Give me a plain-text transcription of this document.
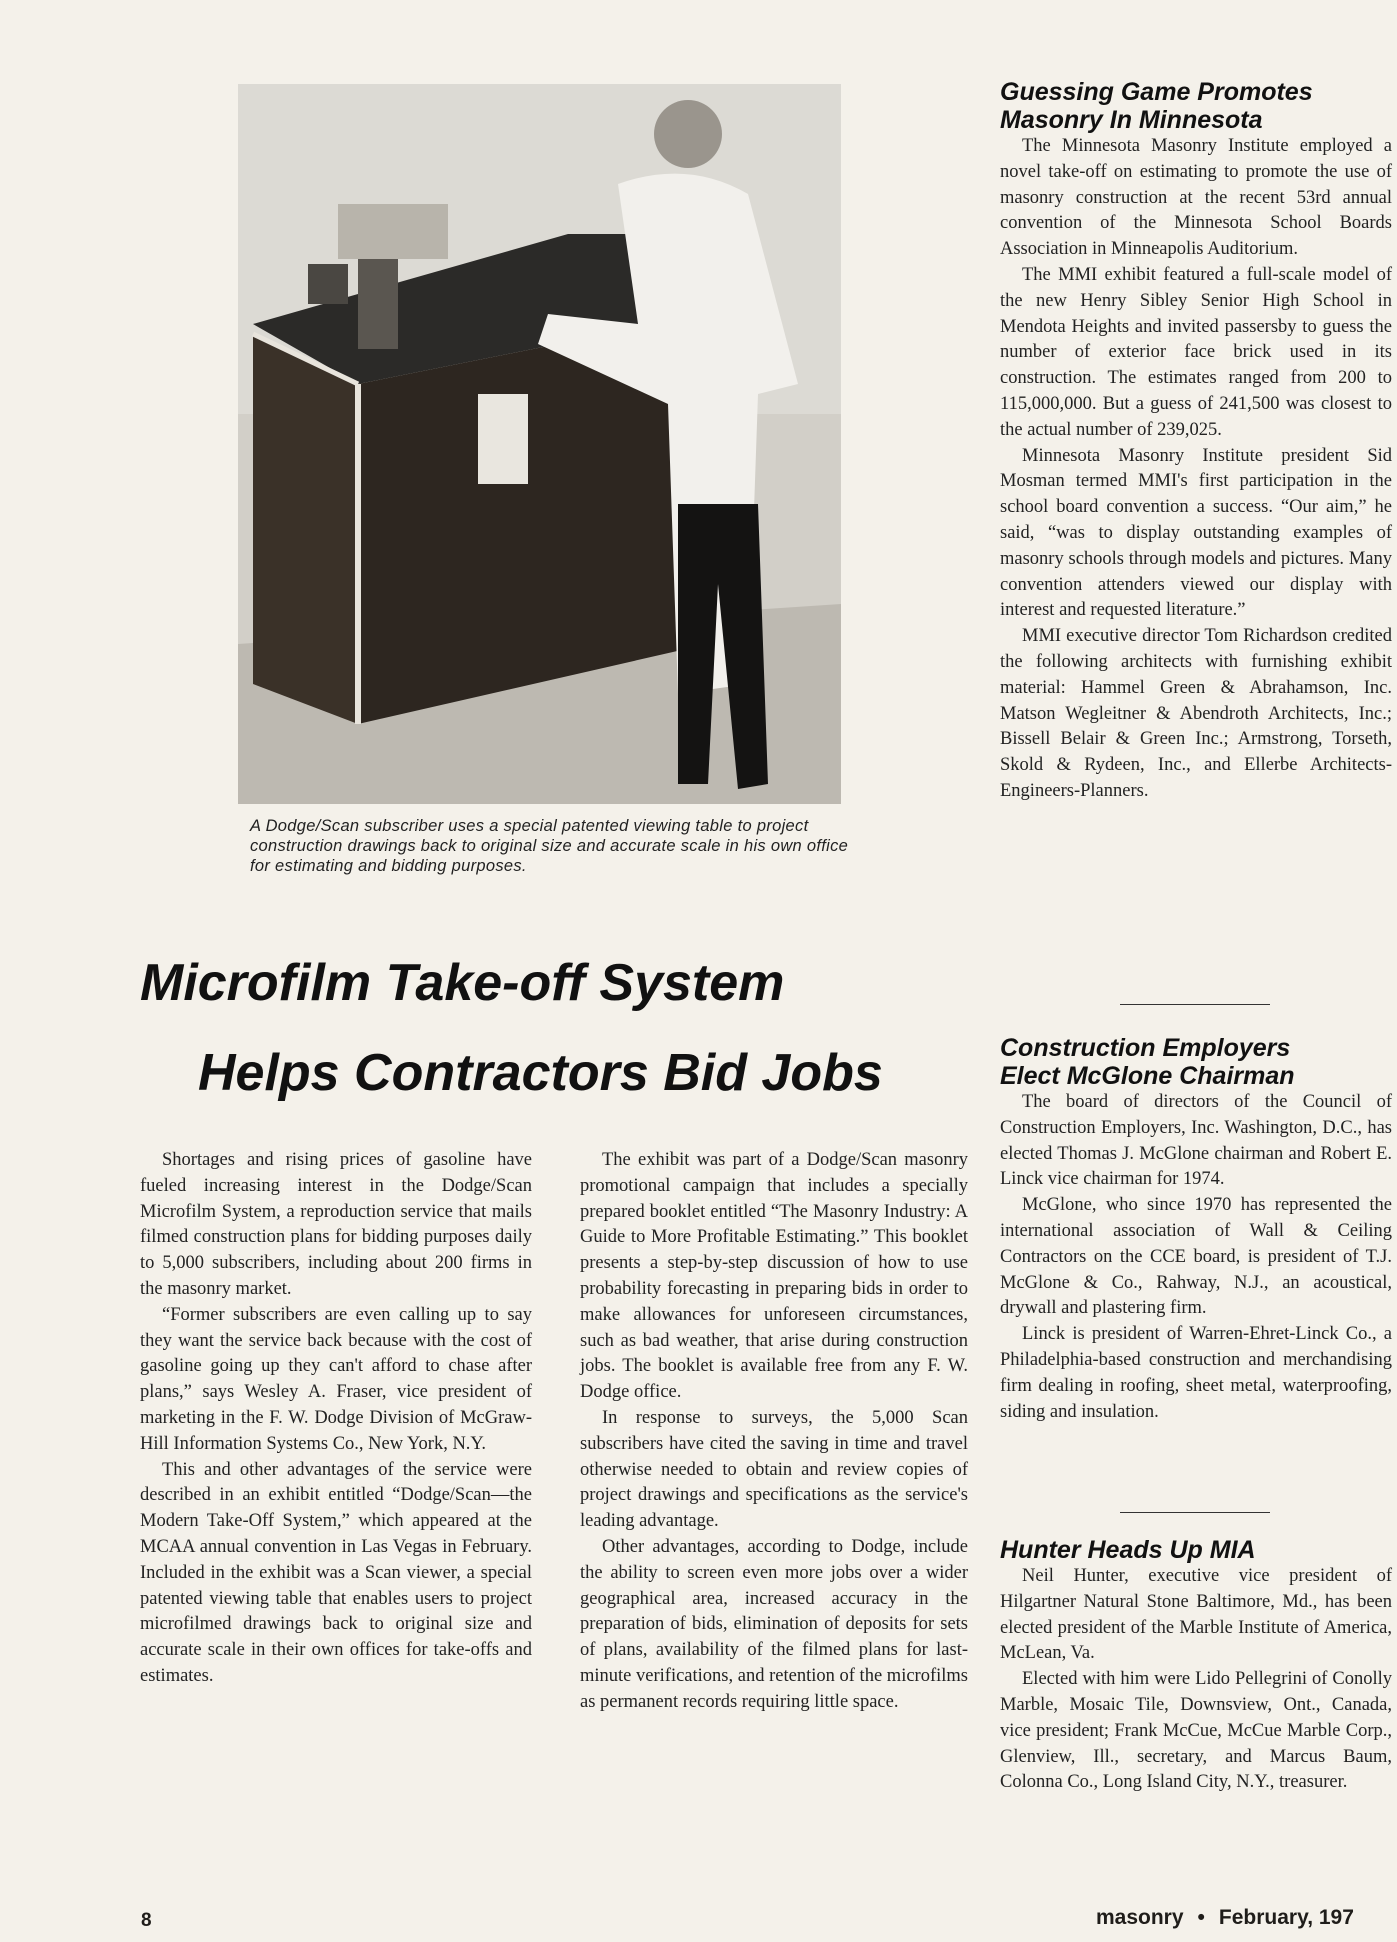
A Dodge/Scan subscriber uses a special patented viewing table to project construction drawings back to original size and accurate scale in his own office for estimating and bidding purposes.
Microfilm Take-off System
Helps Contractors Bid Jobs

Shortages and rising prices of gasoline have fueled increasing interest in the Dodge/Scan Microfilm System, a reproduction service that mails filmed construction plans for bidding purposes daily to 5,000 subscribers, including about 200 firms in the masonry market.

“Former subscribers are even calling up to say they want the service back because with the cost of gasoline going up they can't afford to chase after plans,” says Wesley A. Fraser, vice president of marketing in the F. W. Dodge Division of McGraw-Hill Information Systems Co., New York, N.Y.

This and other advantages of the service were described in an exhibit entitled “Dodge/Scan—the Modern Take-Off System,” which appeared at the MCAA annual convention in Las Vegas in February. Included in the exhibit was a Scan viewer, a special patented viewing table that enables users to project microfilmed drawings back to original size and accurate scale in their own offices for take-offs and estimates.

The exhibit was part of a Dodge/Scan masonry promotional campaign that includes a specially prepared booklet entitled “The Masonry Industry: A Guide to More Profitable Estimating.” This booklet presents a step-by-step discussion of how to use probability forecasting in preparing bids in order to make allowances for unforeseen circumstances, such as bad weather, that arise during construction jobs. The booklet is available free from any F. W. Dodge office.

In response to surveys, the 5,000 Scan subscribers have cited the saving in time and travel otherwise needed to obtain and review copies of project drawings and specifications as the service's leading advantage.

Other advantages, according to Dodge, include the ability to screen even more jobs over a wider geographical area, increased accuracy in the preparation of bids, elimination of deposits for sets of plans, availability of the filmed plans for last-minute verifications, and retention of the microfilms as permanent records requiring little space.

Guessing Game Promotes
Masonry In Minnesota

The Minnesota Masonry Institute employed a novel take-off on estimating to promote the use of masonry construction at the recent 53rd annual convention of the Minnesota School Boards Association in Minneapolis Auditorium.

The MMI exhibit featured a full-scale model of the new Henry Sibley Senior High School in Mendota Heights and invited passersby to guess the number of exterior face brick used in its construction. The estimates ranged from 200 to 115,000,000. But a guess of 241,500 was closest to the actual number of 239,025.

Minnesota Masonry Institute president Sid Mosman termed MMI's first participation in the school board convention a success. “Our aim,” he said, “was to display outstanding examples of masonry schools through models and pictures. Many convention attenders viewed our display with interest and requested literature.”

MMI executive director Tom Richardson credited the following architects with furnishing exhibit material: Hammel Green & Abrahamson, Inc. Matson Wegleitner & Abendroth Architects, Inc.; Bissell Belair & Green Inc.; Armstrong, Torseth, Skold & Rydeen, Inc., and Ellerbe Architects-Engineers-Planners.

Construction Employers
Elect McGlone Chairman

The board of directors of the Council of Construction Employers, Inc. Washington, D.C., has elected Thomas J. McGlone chairman and Robert E. Linck vice chairman for 1974.

McGlone, who since 1970 has represented the international association of Wall & Ceiling Contractors on the CCE board, is president of T.J. McGlone & Co., Rahway, N.J., an acoustical, drywall and plastering firm.

Linck is president of Warren-Ehret-Linck Co., a Philadelphia-based construction and merchandising firm dealing in roofing, sheet metal, waterproofing, siding and insulation.

Hunter Heads Up MIA

Neil Hunter, executive vice president of Hilgartner Natural Stone Baltimore, Md., has been elected president of the Marble Institute of America, McLean, Va.

Elected with him were Lido Pellegrini of Conolly Marble, Mosaic Tile, Downsview, Ont., Canada, vice president; Frank McCue, McCue Marble Corp., Glenview, Ill., secretary, and Marcus Baum, Colonna Co., Long Island City, N.Y., treasurer.

8	masonry • February, 197
